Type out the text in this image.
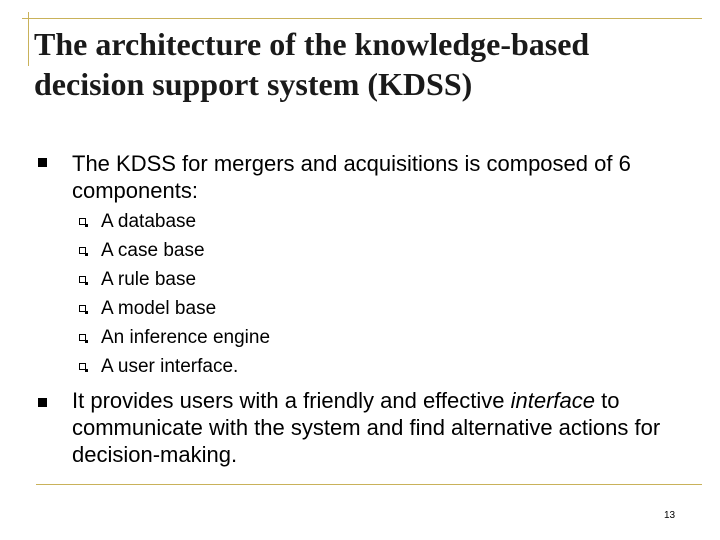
The architecture of the knowledge-based decision support system (KDSS)
The KDSS for mergers and acquisitions is composed of 6 components:
A database
A case base
A rule base
A model base
An inference engine
A user interface.
It provides users with a friendly and effective interface to communicate with the system and find alternative actions for decision-making.
13
